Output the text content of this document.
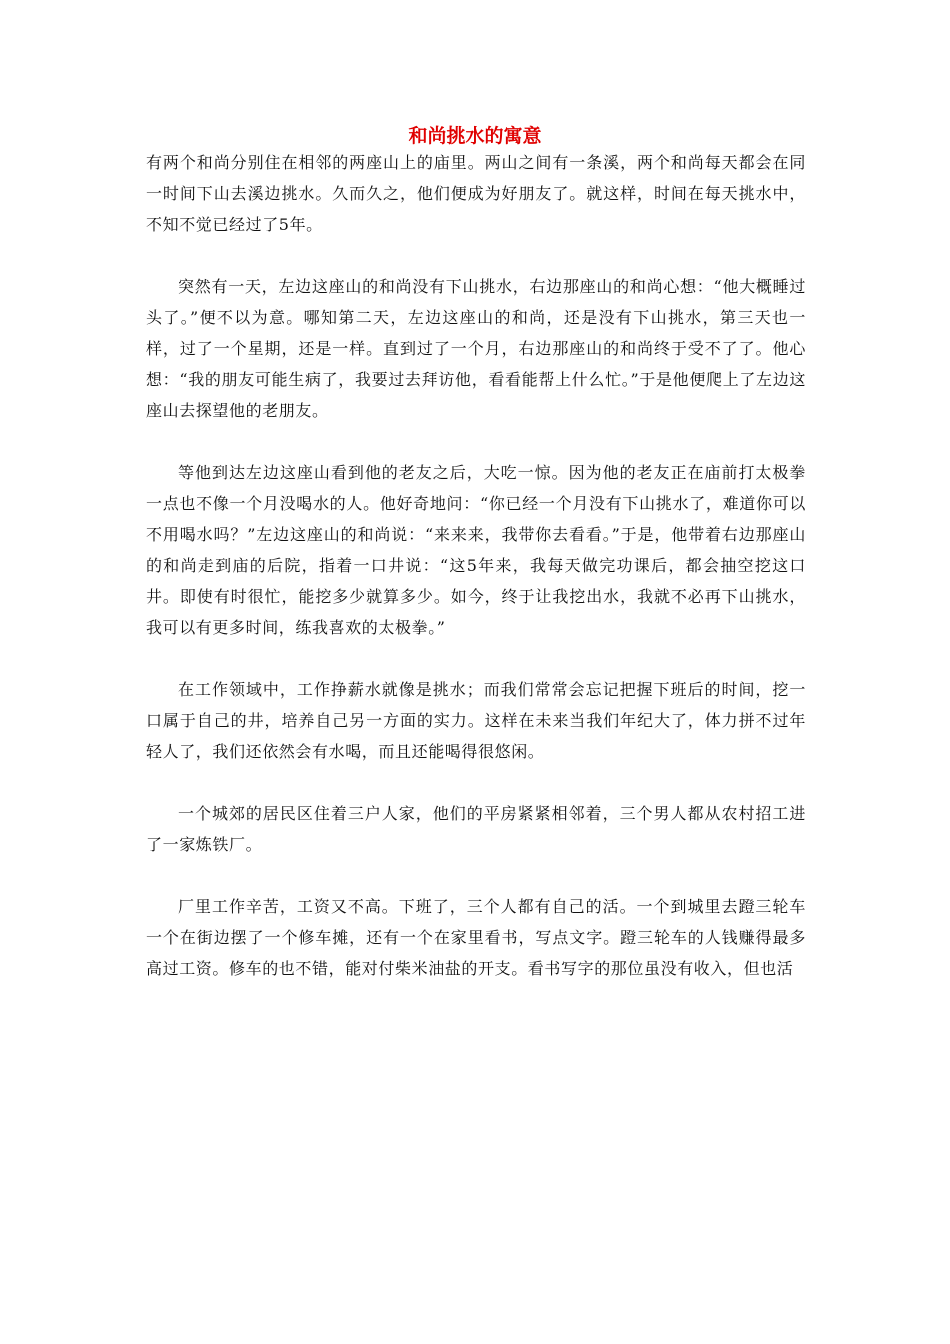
和尚挑水的寓意

有两个和尚分别住在相邻的两座山上的庙里。两山之间有一条溪，两个和尚每天都会在同一时间下山去溪边挑水。久而久之，他们便成为好朋友了。就这样，时间在每天挑水中，不知不觉已经过了5年。

突然有一天，左边这座山的和尚没有下山挑水，右边那座山的和尚心想：“他大概睡过头了。”便不以为意。哪知第二天，左边这座山的和尚，还是没有下山挑水，第三天也一样，过了一个星期，还是一样。直到过了一个月，右边那座山的和尚终于受不了了。他心想：“我的朋友可能生病了，我要过去拜访他，看看能帮上什么忙。”于是他便爬上了左边这座山去探望他的老朋友。

等他到达左边这座山看到他的老友之后，大吃一惊。因为他的老友正在庙前打太极拳一点也不像一个月没喝水的人。他好奇地问：“你已经一个月没有下山挑水了，难道你可以不用喝水吗？”左边这座山的和尚说：“来来来，我带你去看看。”于是，他带着右边那座山的和尚走到庙的后院，指着一口井说：“这5年来，我每天做完功课后，都会抽空挖这口井。即使有时很忙，能挖多少就算多少。如今，终于让我挖出水，我就不必再下山挑水，我可以有更多时间，练我喜欢的太极拳。”

在工作领域中，工作挣薪水就像是挑水；而我们常常会忘记把握下班后的时间，挖一口属于自己的井，培养自己另一方面的实力。这样在未来当我们年纪大了，体力拼不过年轻人了，我们还依然会有水喝，而且还能喝得很悠闲。

一个城郊的居民区住着三户人家，他们的平房紧紧相邻着，三个男人都从农村招工进了一家炼铁厂。

厂里工作辛苦，工资又不高。下班了，三个人都有自己的活。一个到城里去蹬三轮车一个在街边摆了一个修车摊，还有一个在家里看书，写点文字。蹬三轮车的人钱赚得最多高过工资。修车的也不错，能对付柴米油盐的开支。看书写字的那位虽没有收入，但也活
